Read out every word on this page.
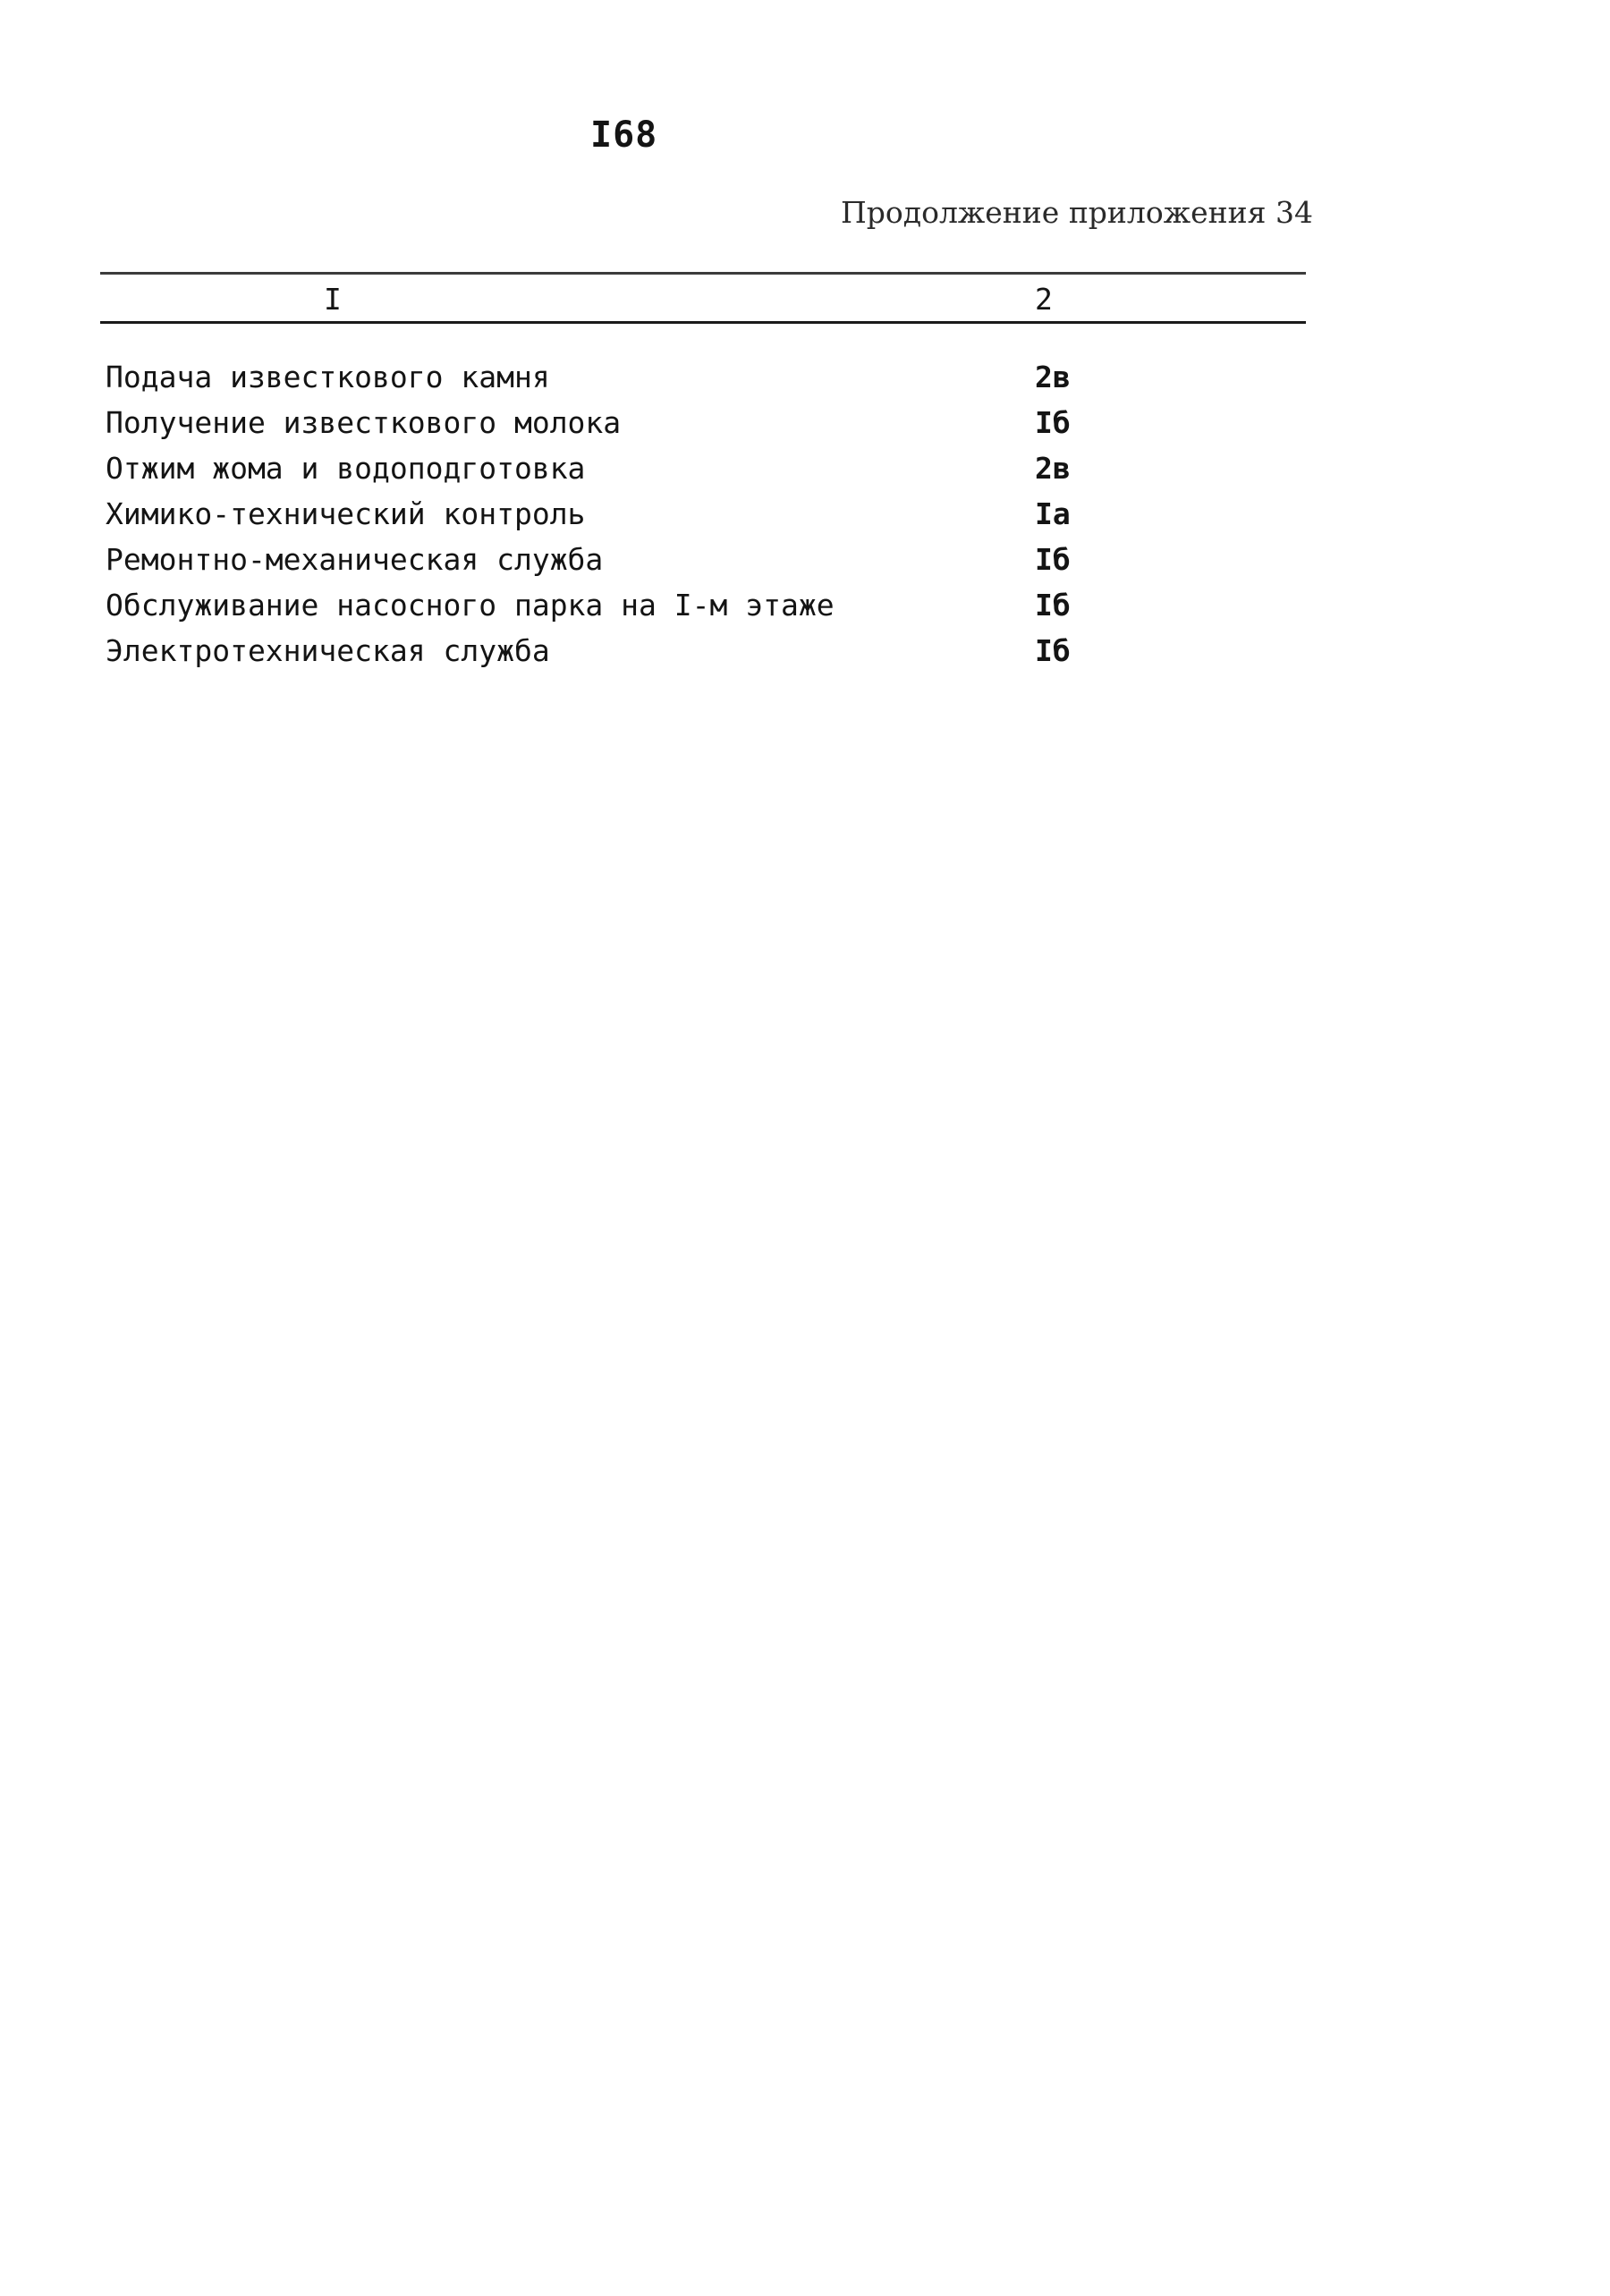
I68
Продолжение приложения 34
I	2
Подача известкового камня	2в
Получение известкового молока	Iб
Отжим жома и водоподготовка	2в
Химико-технический контроль	Iа
Ремонтно-механическая служба	Iб
Обслуживание насосного парка на I-м этаже	Iб
Электротехническая служба	Iб
